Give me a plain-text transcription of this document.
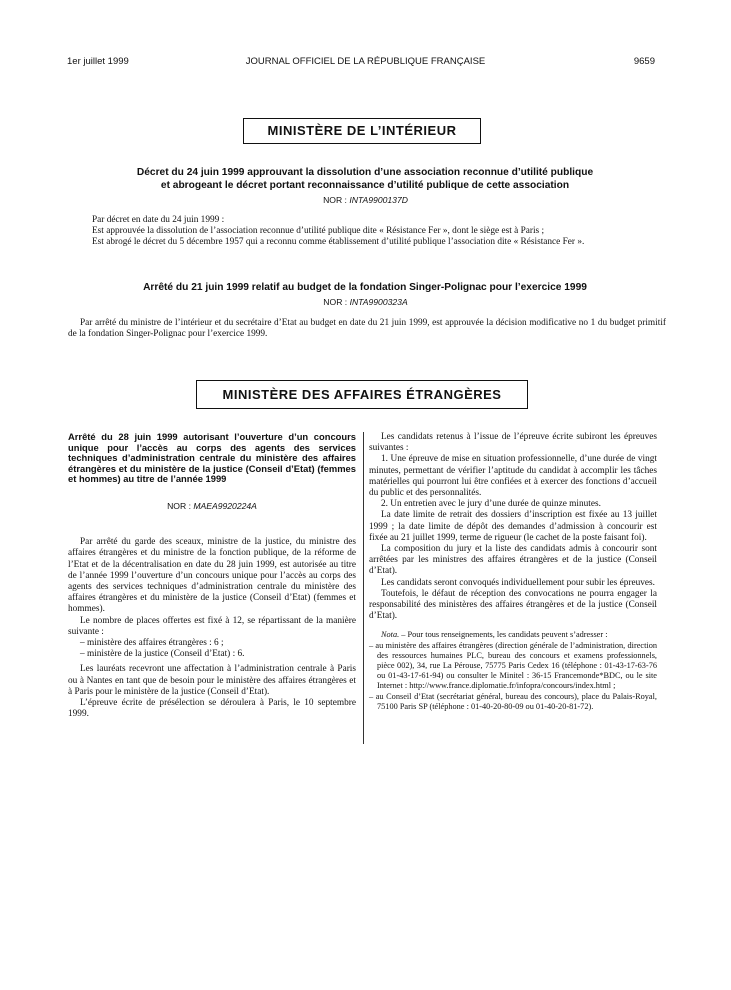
1er juillet 1999	JOURNAL OFFICIEL DE LA RÉPUBLIQUE FRANÇAISE	9659
MINISTÈRE DE L’INTÉRIEUR
Décret du 24 juin 1999 approuvant la dissolution d’une association reconnue d’utilité publique
et abrogeant le décret portant reconnaissance d’utilité publique de cette association
NOR : INTA9900137D

Par décret en date du 24 juin 1999 :

Est approuvée la dissolution de l’association reconnue d’utilité publique dite « Résistance Fer », dont le siège est à Paris ;

Est abrogé le décret du 5 décembre 1957 qui a reconnu comme établissement d’utilité publique l’association dite « Résistance Fer ».

Arrêté du 21 juin 1999 relatif au budget de la fondation Singer-Polignac pour l’exercice 1999
NOR : INTA9900323A

Par arrêté du ministre de l’intérieur et du secrétaire d’Etat au budget en date du 21 juin 1999, est approuvée la décision modificative no 1 du budget primitif de la fondation Singer-Polignac pour l’exercice 1999.

MINISTÈRE DES AFFAIRES ÉTRANGÈRES
Arrêté du 28 juin 1999 autorisant l’ouverture d’un concours unique pour l’accès au corps des agents des services techniques d’administration centrale du ministère des affaires étrangères et du ministère de la justice (Conseil d’Etat) (femmes et hommes) au titre de l’année 1999
NOR : MAEA9920224A

Par arrêté du garde des sceaux, ministre de la justice, du ministre des affaires étrangères et du ministre de la fonction publique, de la réforme de l’Etat et de la décentralisation en date du 28 juin 1999, est autorisée au titre de l’année 1999 l’ouverture d’un concours unique pour l’accès au corps des agents des services techniques d’administration centrale du ministère des affaires étrangères et du ministère de la justice (Conseil d’Etat) (femmes et hommes).

Le nombre de places offertes est fixé à 12, se répartissant de la manière suivante :

– ministère des affaires étrangères : 6 ;

– ministère de la justice (Conseil d’Etat) : 6.

Les lauréats recevront une affectation à l’administration centrale à Paris ou à Nantes en tant que de besoin pour le ministère des affaires étrangères et à Paris pour le ministère de la justice (Conseil d’Etat).

L’épreuve écrite de présélection se déroulera à Paris, le 10 septembre 1999.

Les candidats retenus à l’issue de l’épreuve écrite subiront les épreuves suivantes :

1. Une épreuve de mise en situation professionnelle, d’une durée de vingt minutes, permettant de vérifier l’aptitude du candidat à accomplir les tâches matérielles qui pourront lui être confiées et à exercer des fonctions d’accueil du public et des personnalités.

2. Un entretien avec le jury d’une durée de quinze minutes.

La date limite de retrait des dossiers d’inscription est fixée au 13 juillet 1999 ; la date limite de dépôt des demandes d’admission à concourir est fixée au 21 juillet 1999, terme de rigueur (le cachet de la poste faisant foi).

La composition du jury et la liste des candidats admis à concourir sont arrêtées par les ministres des affaires étrangères et de la justice (Conseil d’Etat).

Les candidats seront convoqués individuellement pour subir les épreuves.

Toutefois, le défaut de réception des convocations ne pourra engager la responsabilité des ministères des affaires étrangères et de la justice (Conseil d’Etat).

Nota. – Pour tous renseignements, les candidats peuvent s’adresser :

– au ministère des affaires étrangères (direction générale de l’administration, direction des ressources humaines PLC, bureau des concours et examens professionnels, pièce 002), 34, rue La Pérouse, 75775 Paris Cedex 16 (téléphone : 01-43-17-63-76 ou 01-43-17-61-94) ou consulter le Minitel : 36-15 Francemonde*BDC, ou le site Internet : http://www.france.diplomatie.fr/infopra/concours/index.html ;

– au Conseil d’Etat (secrétariat général, bureau des concours), place du Palais-Royal, 75100 Paris SP (téléphone : 01-40-20-80-09 ou 01-40-20-81-72).
